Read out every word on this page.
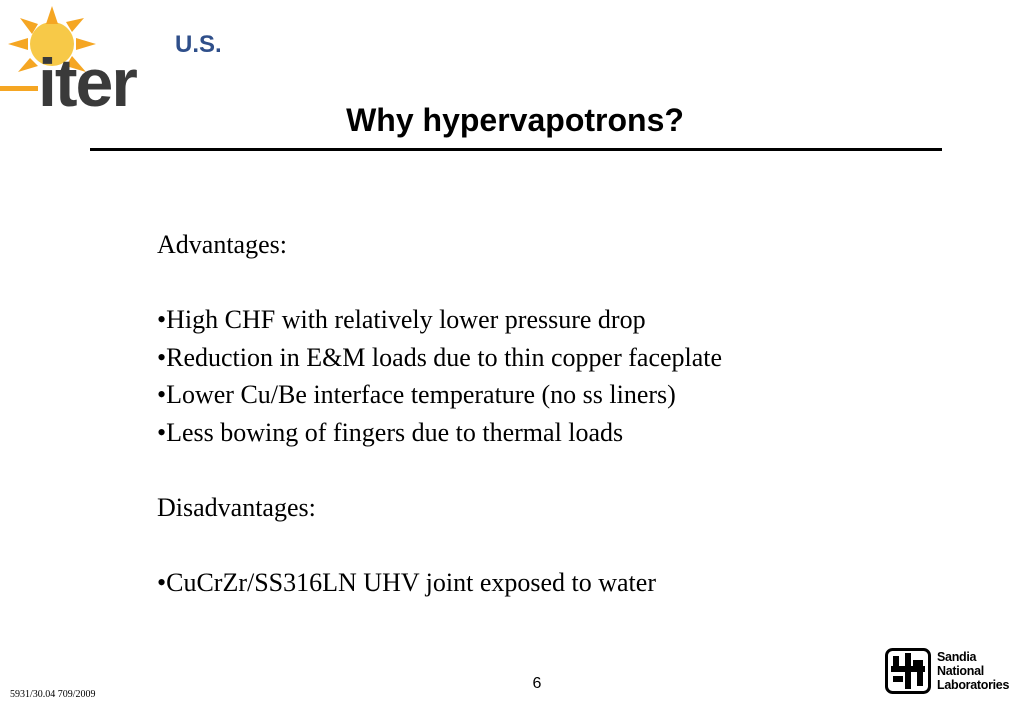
U.S.
iter	Why hypervapotrons?
Advantages:
• High CHF with relatively lower pressure drop
• Reduction in E&M loads due to thin copper faceplate
• Lower Cu/Be interface temperature (no ss liners)
• Less bowing of fingers due to thermal loads
Disadvantages:
• CuCrZr/SS316LN UHV joint exposed to water
5931/30.04 709/2009
6
Sandia
National
Laboratories
